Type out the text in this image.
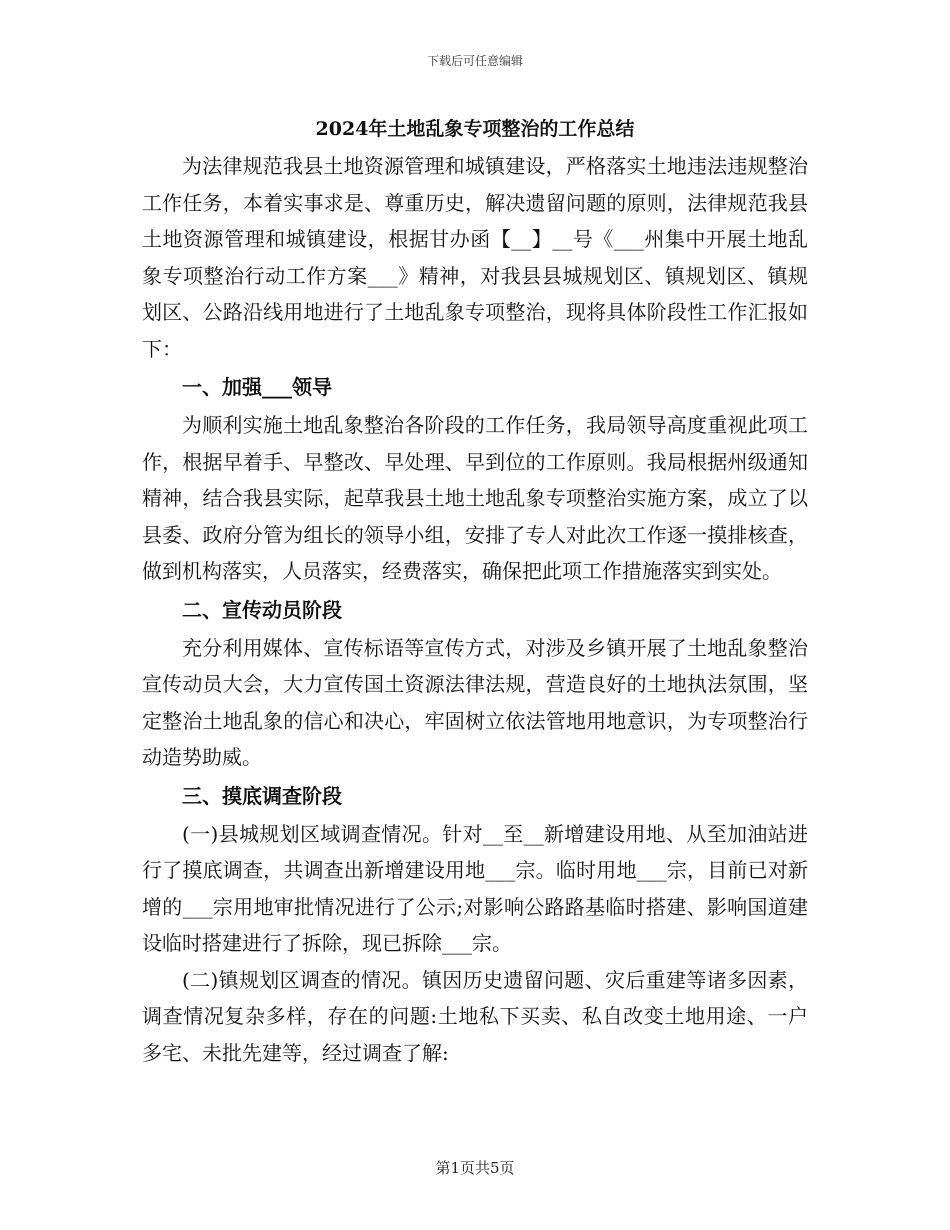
下载后可任意编辑
2024年土地乱象专项整治的工作总结

为法律规范我县土地资源管理和城镇建设，严格落实土地违法违规整治工作任务，本着实事求是、尊重历史，解决遗留问题的原则，法律规范我县土地资源管理和城镇建设，根据甘办函【__】__号《___州集中开展土地乱象专项整治行动工作方案___》精神，对我县县城规划区、镇规划区、镇规划区、公路沿线用地进行了土地乱象专项整治，现将具体阶段性工作汇报如下：

一、加强___领导

为顺利实施土地乱象整治各阶段的工作任务，我局领导高度重视此项工作，根据早着手、早整改、早处理、早到位的工作原则。我局根据州级通知精神，结合我县实际，起草我县土地土地乱象专项整治实施方案，成立了以县委、政府分管为组长的领导小组，安排了专人对此次工作逐一摸排核查，做到机构落实，人员落实，经费落实，确保把此项工作措施落实到实处。

二、宣传动员阶段

充分利用媒体、宣传标语等宣传方式，对涉及乡镇开展了土地乱象整治宣传动员大会，大力宣传国土资源法律法规，营造良好的土地执法氛围，坚定整治土地乱象的信心和决心，牢固树立依法管地用地意识，为专项整治行动造势助威。

三、摸底调查阶段

(一)县城规划区域调查情况。针对__至__新增建设用地、从至加油站进行了摸底调查，共调查出新增建设用地___宗。临时用地___宗，目前已对新增的___宗用地审批情况进行了公示;对影响公路路基临时搭建、影响国道建设临时搭建进行了拆除，现已拆除___宗。

(二)镇规划区调查的情况。镇因历史遗留问题、灾后重建等诸多因素，调查情况复杂多样，存在的问题:土地私下买卖、私自改变土地用途、一户多宅、未批先建等，经过调查了解:

第1页共5页
